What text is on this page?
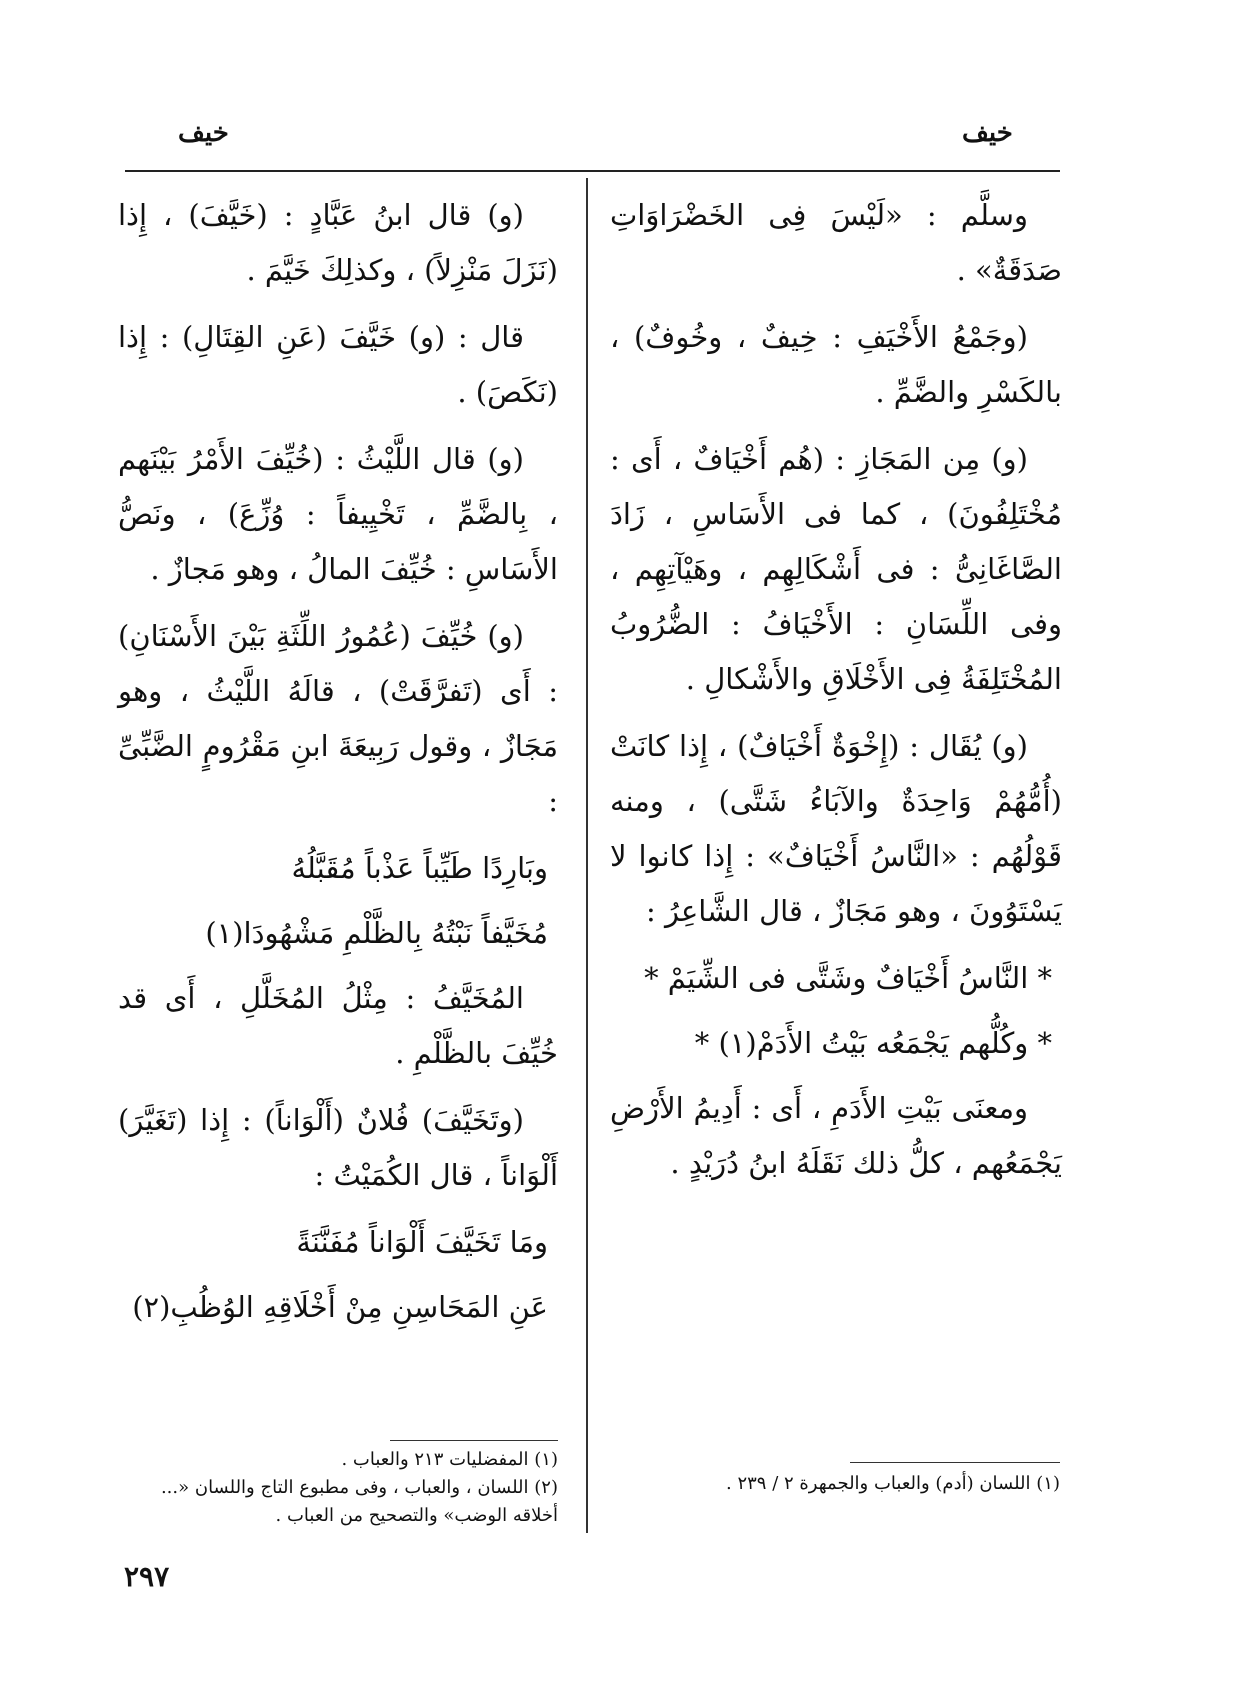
خيف	خيف

وسلَّم : «لَيْسَ فِى الخَضْرَاوَاتِ صَدَقَةٌ» .

(وجَمْعُ الأَخْيَفِ : خِيفٌ ، وخُوفٌ) ، بالكَسْرِ والضَّمِّ .

(و) مِن المَجَازِ : (هُم أَخْيَافٌ ، أَى : مُخْتَلِفُونَ) ، كما فى الأَسَاسِ ، زَادَ الصَّاغَانِىُّ : فى أَشْكَالِهِم ، وهَيْآتِهِم ، وفى اللِّسَانِ : الأَخْيَافُ : الضُّرُوبُ المُخْتَلِفَةُ فِى الأَخْلَاقِ والأَشْكالِ .

(و) يُقَال : (إِخْوَةٌ أَخْيَافٌ) ، إِذا كانَتْ (أُمُّهُمْ وَاحِدَةٌ والآبَاءُ شَتَّى) ، ومنه قَوْلُهُم : «النَّاسُ أَخْيَافٌ» : إِذا كانوا لا يَسْتَوُونَ ، وهو مَجَازٌ ، قال الشَّاعِرُ :

* النَّاسُ أَخْيَافٌ وشَتَّى فى الشِّيَمْ *
* وكُلُّهم يَجْمَعُه بَيْتُ الأَدَمْ(١) *

ومعنَى بَيْتِ الأَدَمِ ، أَى : أَدِيمُ الأَرْضِ يَجْمَعُهم ، كلُّ ذلك نَقَلَهُ ابنُ دُرَيْدٍ .

(و) قال ابنُ عَبَّادٍ : (خَيَّفَ) ، إِذا (نَزَلَ مَنْزِلاً) ، وكذلِكَ خَيَّمَ .

قال : (و) خَيَّفَ (عَنِ القِتَالِ) : إِذا (نَكَصَ) .

(و) قال اللَّيْثُ : (خُيِّفَ الأَمْرُ بَيْنَهم ، بِالضَّمِّ ، تَخْيِيفاً : وُزِّعَ) ، ونَصُّ الأَسَاسِ : خُيِّفَ المالُ ، وهو مَجازٌ .

(و) خُيِّفَ (عُمُورُ اللِّثَةِ بَيْنَ الأَسْنَانِ) : أَى (تَفرَّقَتْ) ، قالَهُ اللَّيْثُ ، وهو مَجَازٌ ، وقول رَبِيعَةَ ابنِ مَقْرُومٍ الضَّبِّىِّ :

وبَارِدًا طَيِّباً عَذْباً مُقَبَّلُهُ
مُخَيَّفاً نَبْتُهُ بِالظَّلْمِ مَشْهُودَا(١)

المُخَيَّفُ : مِثْلُ المُخَلَّلِ ، أَى قد خُيِّفَ بالظَّلْمِ .

(وتَخَيَّفَ) فُلانٌ (أَلْوَاناً) : إِذا (تَغَيَّرَ) أَلْوَاناً ، قال الكُمَيْتُ :

ومَا تَخَيَّفَ أَلْوَاناً مُفَنَّنَةً
عَنِ المَحَاسِنِ مِنْ أَخْلَاقِهِ الوُظُبِ(٢)
(١) اللسان (أدم) والعباب والجمهرة ٢ / ٢٣٩ .
(١) المفضليات ٢١٣ والعباب .
(٢) اللسان ، والعباب ، وفى مطبوع التاج واللسان «... أخلاقه الوضب» والتصحيح من العباب .
٢٩٧
